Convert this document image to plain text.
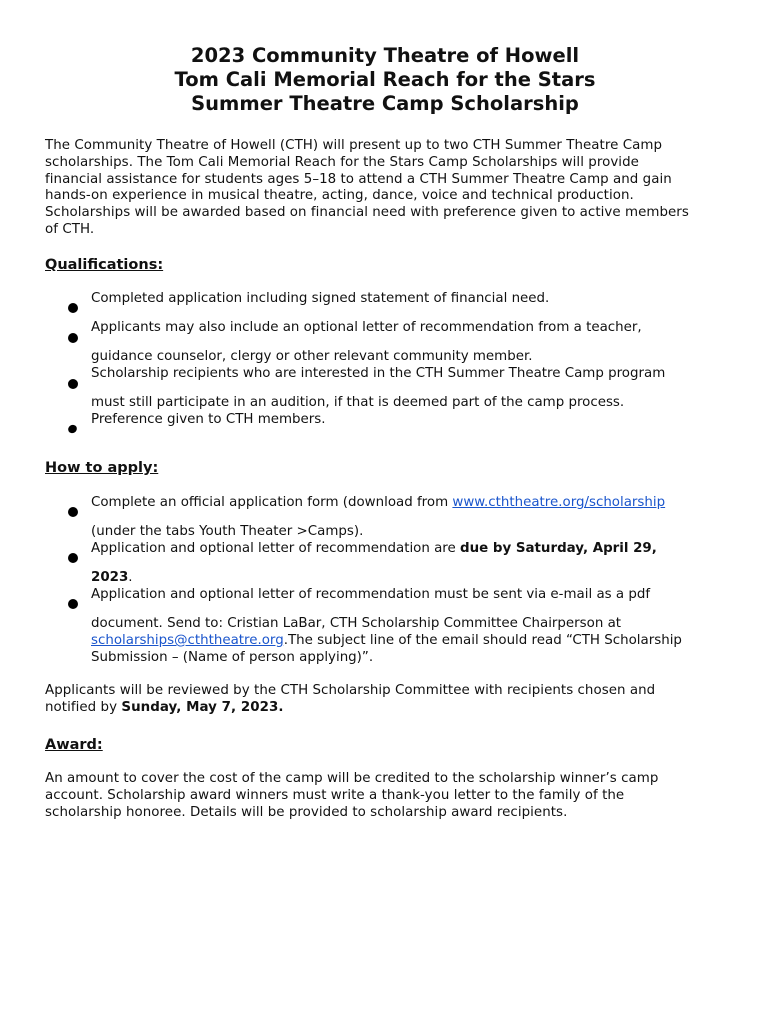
2023 Community Theatre of Howell
Tom Cali Memorial Reach for the Stars
Summer Theatre Camp Scholarship
The Community Theatre of Howell (CTH) will present up to two CTH Summer Theatre Camp
scholarships. The Tom Cali Memorial Reach for the Stars Camp Scholarships will provide
financial assistance for students ages 5–18 to attend a CTH Summer Theatre Camp and gain
hands-on experience in musical theatre, acting, dance, voice and technical production.
Scholarships will be awarded based on financial need with preference given to active members
of CTH.
Qualifications:
Completed application including signed statement of financial need.
Applicants may also include an optional letter of recommendation from a teacher,
guidance counselor, clergy or other relevant community member.
Scholarship recipients who are interested in the CTH Summer Theatre Camp program
must still participate in an audition, if that is deemed part of the camp process.
Preference given to CTH members.
How to apply:
Complete an official application form (download from www.cththeatre.org/scholarship
(under the tabs Youth Theater >Camps).
Application and optional letter of recommendation are due by Saturday, April 29,
2023.
Application and optional letter of recommendation must be sent via e-mail as a pdf
document. Send to: Cristian LaBar, CTH Scholarship Committee Chairperson at
scholarships@cththeatre.org.The subject line of the email should read “CTH Scholarship
Submission – (Name of person applying)”.
Applicants will be reviewed by the CTH Scholarship Committee with recipients chosen and
notified by Sunday, May 7, 2023.
Award:
An amount to cover the cost of the camp will be credited to the scholarship winner’s camp
account. Scholarship award winners must write a thank-you letter to the family of the
scholarship honoree. Details will be provided to scholarship award recipients.
